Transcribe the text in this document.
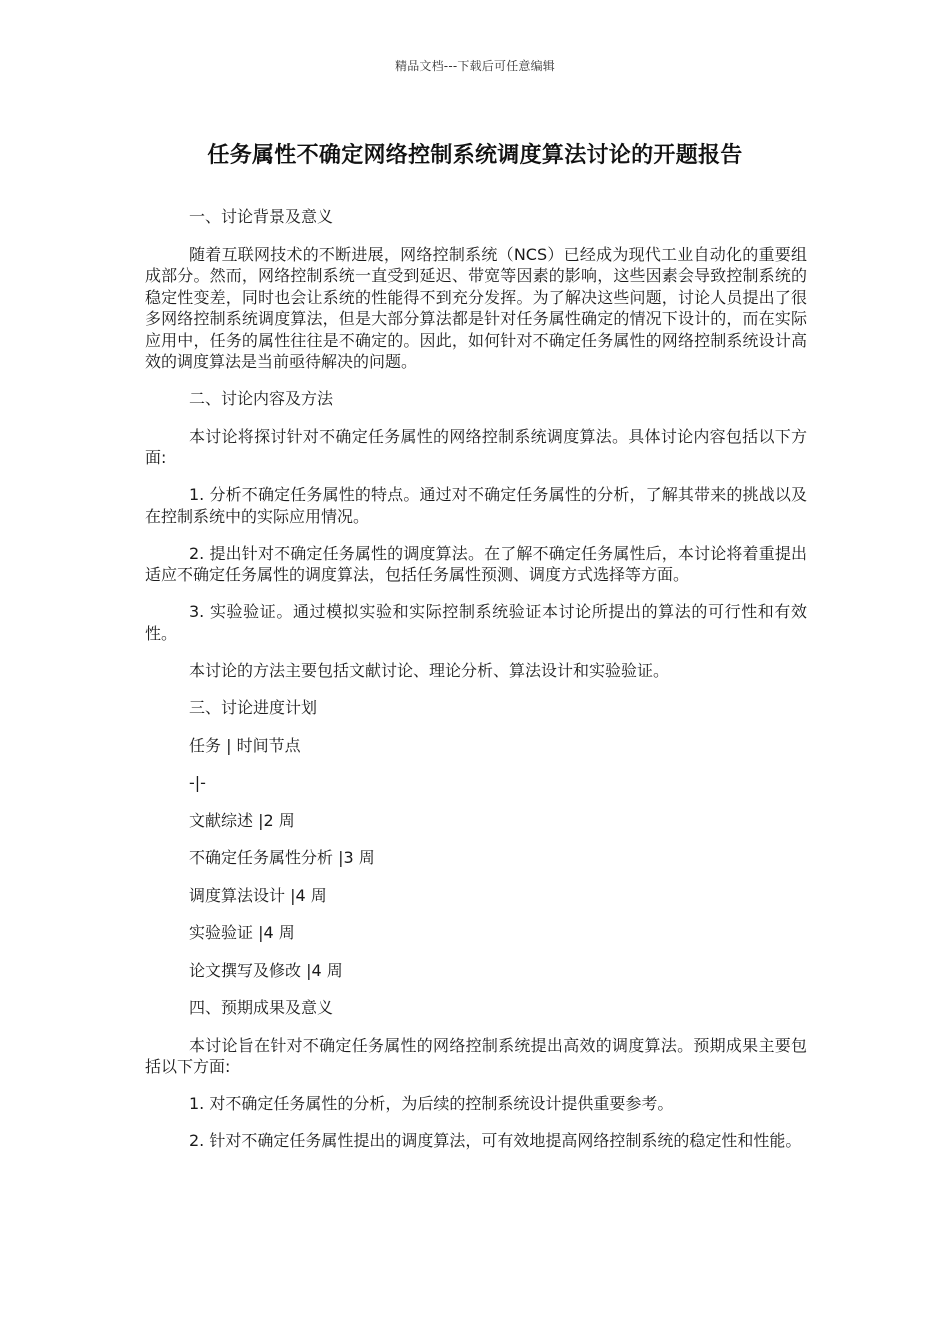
精品文档---下载后可任意编辑
任务属性不确定网络控制系统调度算法讨论的开题报告

一、讨论背景及意义

随着互联网技术的不断进展，网络控制系统（NCS）已经成为现代工业自动化的重要组成部分。然而，网络控制系统一直受到延迟、带宽等因素的影响，这些因素会导致控制系统的稳定性变差，同时也会让系统的性能得不到充分发挥。为了解决这些问题，讨论人员提出了很多网络控制系统调度算法，但是大部分算法都是针对任务属性确定的情况下设计的，而在实际应用中，任务的属性往往是不确定的。因此，如何针对不确定任务属性的网络控制系统设计高效的调度算法是当前亟待解决的问题。

二、讨论内容及方法

本讨论将探讨针对不确定任务属性的网络控制系统调度算法。具体讨论内容包括以下方面:

1. 分析不确定任务属性的特点。通过对不确定任务属性的分析，了解其带来的挑战以及在控制系统中的实际应用情况。

2. 提出针对不确定任务属性的调度算法。在了解不确定任务属性后，本讨论将着重提出适应不确定任务属性的调度算法，包括任务属性预测、调度方式选择等方面。

3. 实验验证。通过模拟实验和实际控制系统验证本讨论所提出的算法的可行性和有效性。

本讨论的方法主要包括文献讨论、理论分析、算法设计和实验验证。

三、讨论进度计划

任务 | 时间节点

-|-

文献综述 |2 周

不确定任务属性分析 |3 周

调度算法设计 |4 周

实验验证 |4 周

论文撰写及修改 |4 周

四、预期成果及意义

本讨论旨在针对不确定任务属性的网络控制系统提出高效的调度算法。预期成果主要包括以下方面:

1. 对不确定任务属性的分析，为后续的控制系统设计提供重要参考。

2. 针对不确定任务属性提出的调度算法，可有效地提高网络控制系统的稳定性和性能。
